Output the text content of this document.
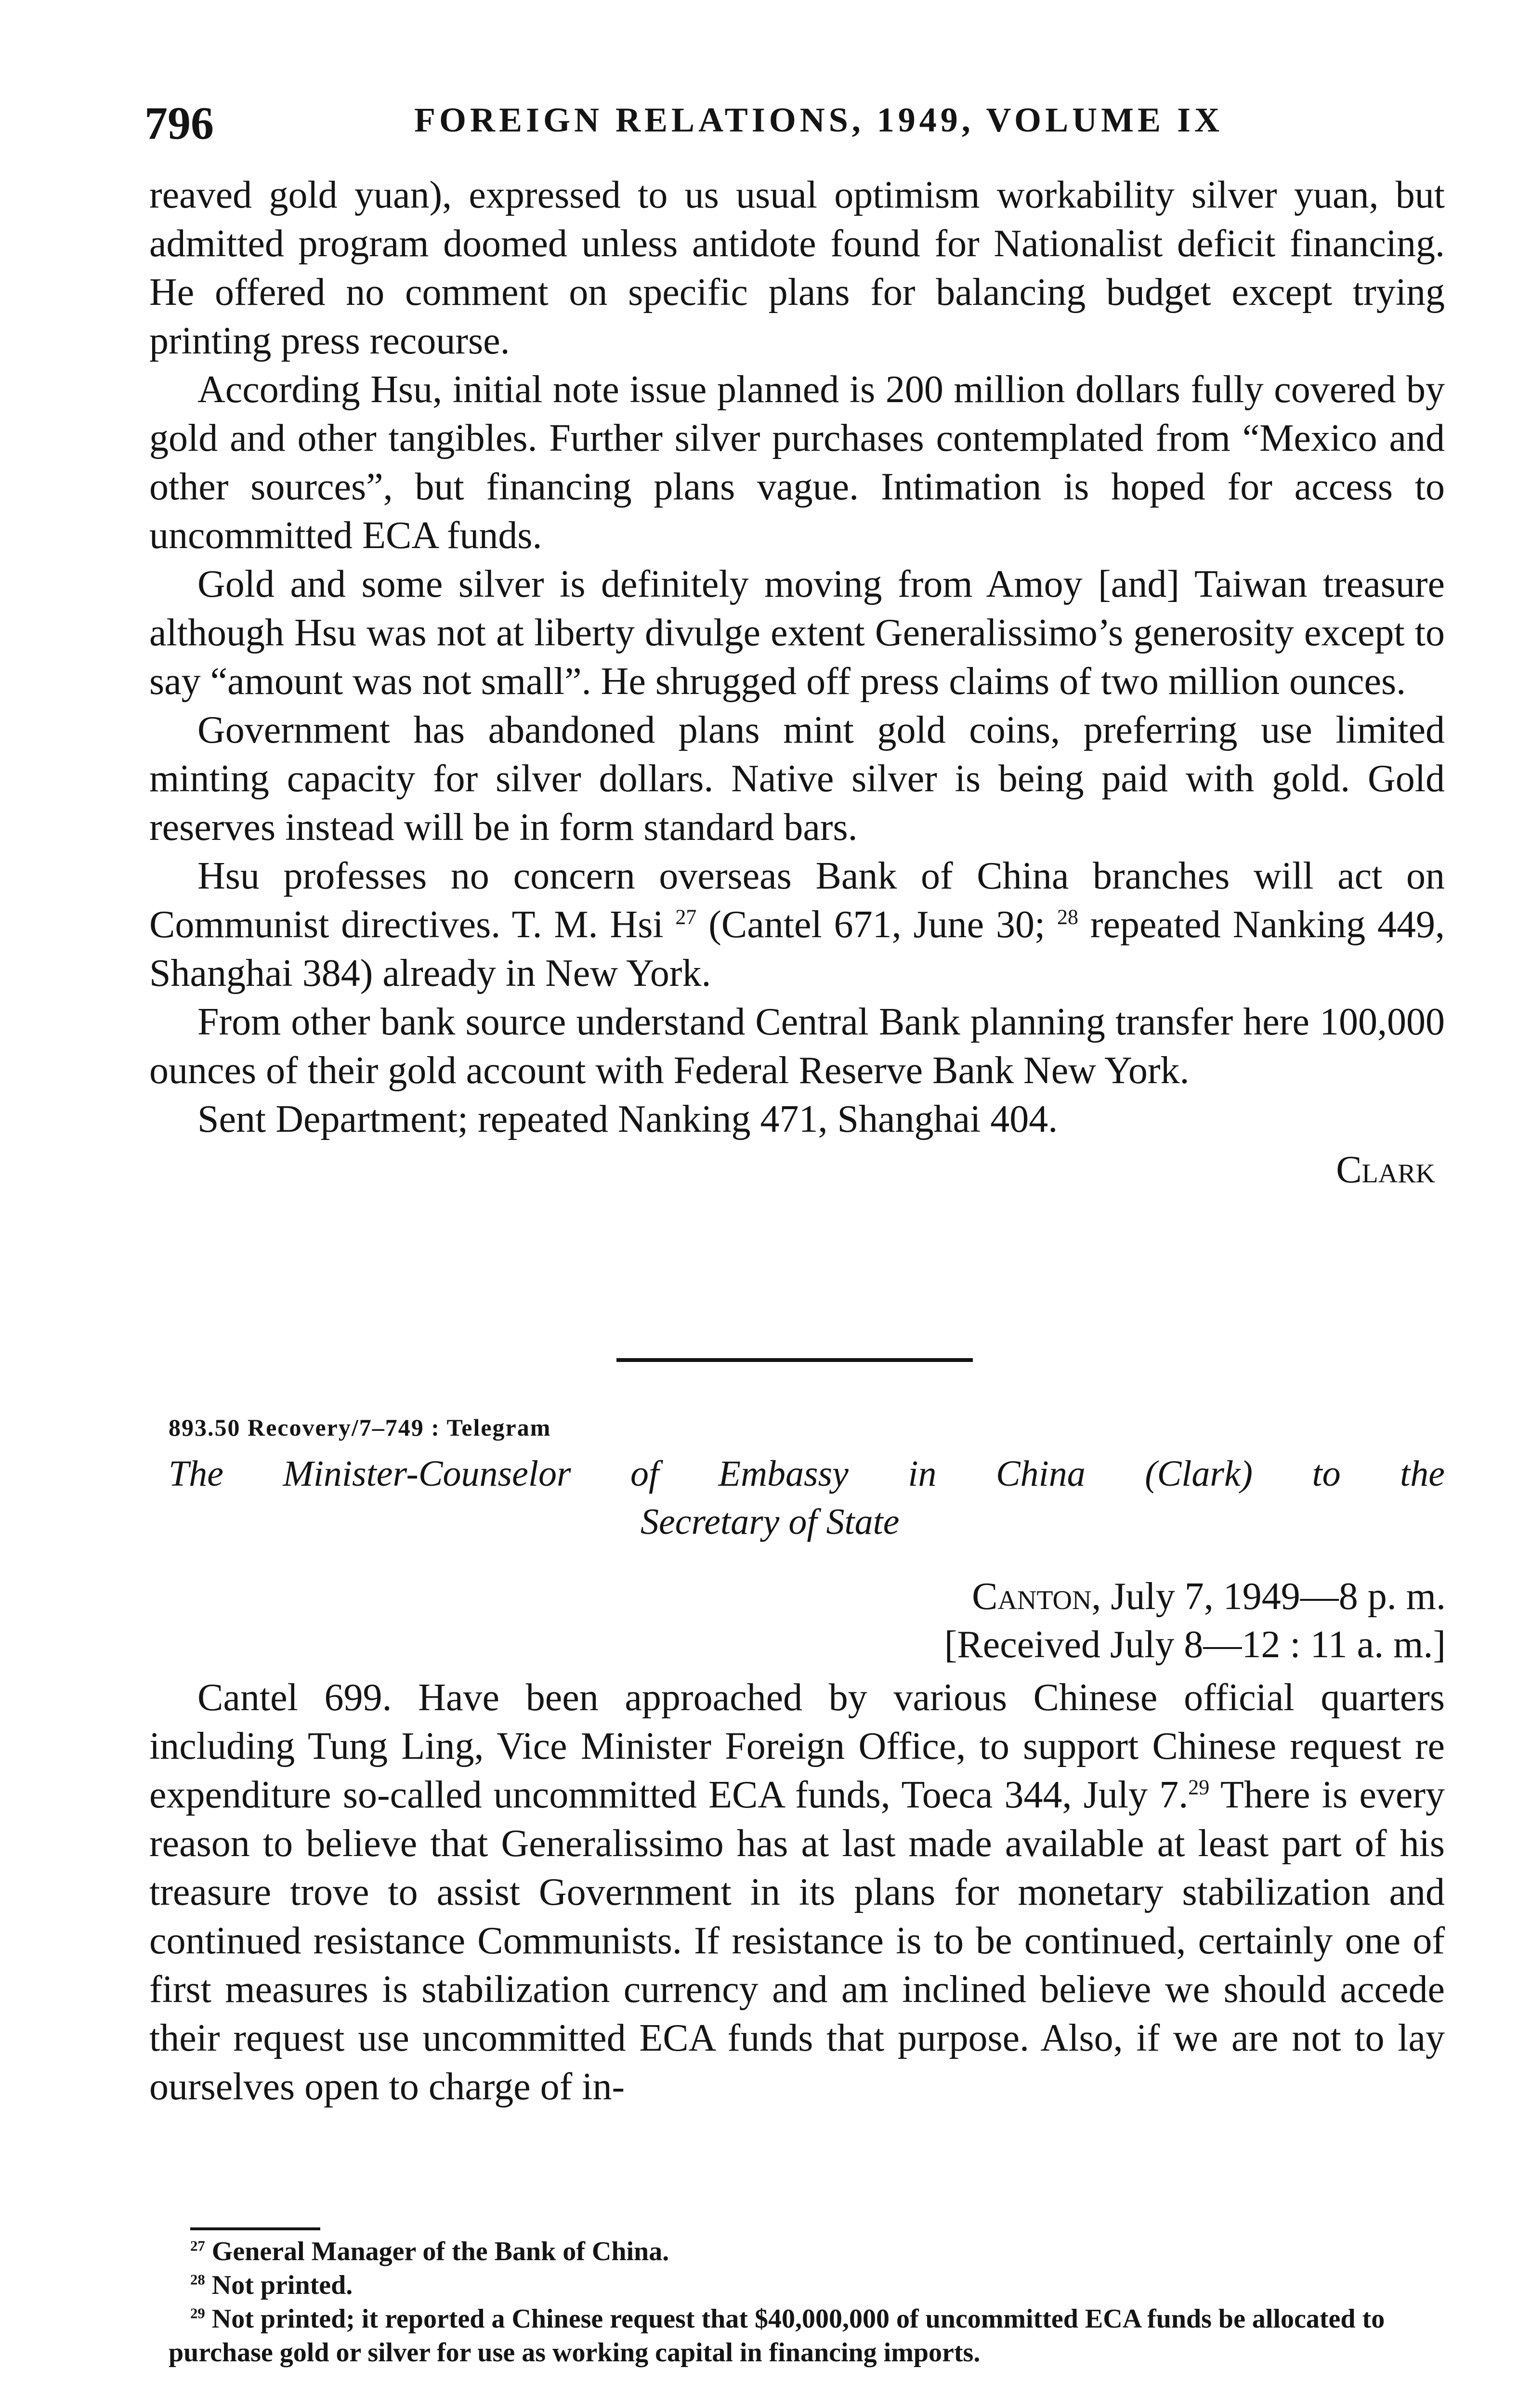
796	FOREIGN RELATIONS, 1949, VOLUME IX

reaved gold yuan), expressed to us usual optimism workability silver yuan, but admitted program doomed unless antidote found for Nationalist deficit financing. He offered no comment on specific plans for balancing budget except trying printing press recourse.

According Hsu, initial note issue planned is 200 million dollars fully covered by gold and other tangibles. Further silver purchases contemplated from “Mexico and other sources”, but financing plans vague. Intimation is hoped for access to uncommitted ECA funds.

Gold and some silver is definitely moving from Amoy [and] Taiwan treasure although Hsu was not at liberty divulge extent Generalissimo’s generosity except to say “amount was not small”. He shrugged off press claims of two million ounces.

Government has abandoned plans mint gold coins, preferring use limited minting capacity for silver dollars. Native silver is being paid with gold. Gold reserves instead will be in form standard bars.

Hsu professes no concern overseas Bank of China branches will act on Communist directives. T. M. Hsi $^{27}$ (Cantel 671, June 30; $^{28}$ repeated Nanking 449, Shanghai 384) already in New York.

From other bank source understand Central Bank planning transfer here 100,000 ounces of their gold account with Federal Reserve Bank New York.

Sent Department; repeated Nanking 471, Shanghai 404.

Clark
893.50 Recovery/7–749 : Telegram
The Minister-Counselor of Embassy in China (Clark) to the
Secretary of State
Canton, July 7, 1949—8 p. m.
[Received July 8—12 : 11 a. m.]

Cantel 699. Have been approached by various Chinese official quarters including Tung Ling, Vice Minister Foreign Office, to support Chinese request re expenditure so-called uncommitted ECA funds, Toeca 344, July 7.29 There is every reason to believe that Generalissimo has at last made available at least part of his treasure trove to assist Government in its plans for monetary stabilization and continued resistance Communists. If resistance is to be continued, certainly one of first measures is stabilization currency and am inclined believe we should accede their request use uncommitted ECA funds that purpose. Also, if we are not to lay ourselves open to charge of in-

$^{27}$ General Manager of the Bank of China.

$^{28}$ Not printed.

$^{29}$ Not printed; it reported a Chinese request that $40,000,000 of uncommitted ECA funds be allocated to purchase gold or silver for use as working capital in financing imports.
